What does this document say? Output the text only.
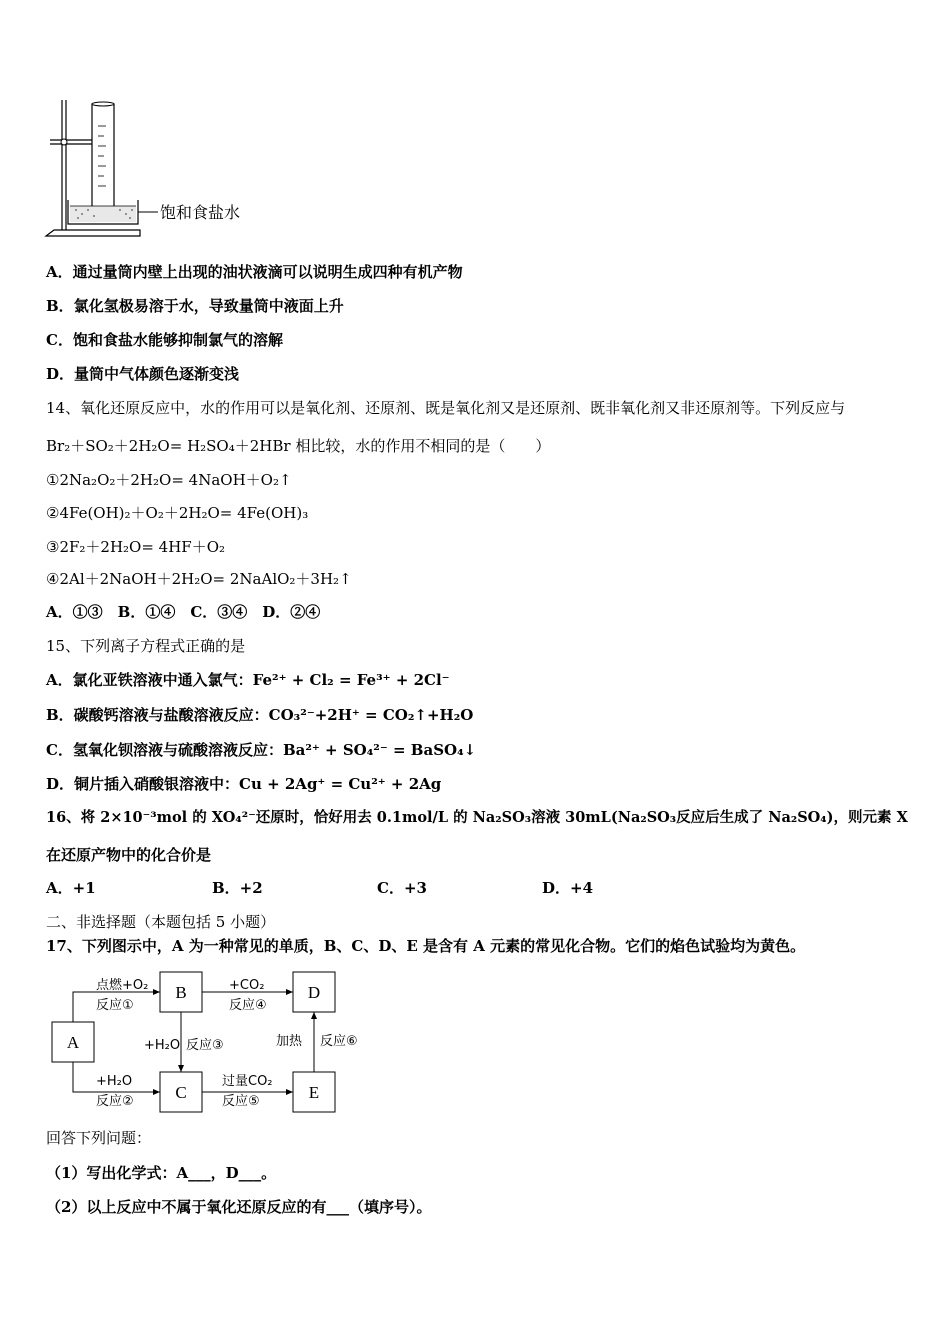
饱和食盐水
A．通过量筒内壁上出现的油状液滴可以说明生成四种有机产物
B．氯化氢极易溶于水，导致量筒中液面上升
C．饱和食盐水能够抑制氯气的溶解
D．量筒中气体颜色逐渐变浅
14、氧化还原反应中，水的作用可以是氧化剂、还原剂、既是氧化剂又是还原剂、既非氧化剂又非还原剂等。下列反应与
Br₂＋SO₂＋2H₂O= H₂SO₄＋2HBr 相比较，水的作用不相同的是（　　）
①2Na₂O₂＋2H₂O= 4NaOH＋O₂↑
②4Fe(OH)₂＋O₂＋2H₂O= 4Fe(OH)₃
③2F₂＋2H₂O= 4HF＋O₂
④2Al＋2NaOH＋2H₂O= 2NaAlO₂＋3H₂↑
A．①③　B．①④　C．③④　D．②④
15、下列离子方程式正确的是
A．氯化亚铁溶液中通入氯气：Fe²⁺ + Cl₂ = Fe³⁺ + 2Cl⁻
B．碳酸钙溶液与盐酸溶液反应：CO₃²⁻+2H⁺ = CO₂↑+H₂O
C．氢氧化钡溶液与硫酸溶液反应：Ba²⁺ + SO₄²⁻ = BaSO₄↓
D．铜片插入硝酸银溶液中：Cu + 2Ag⁺ = Cu²⁺ + 2Ag
16、将 2×10⁻³mol 的 XO₄²⁻还原时，恰好用去 0.1mol/L 的 Na₂SO₃溶液 30mL(Na₂SO₃反应后生成了 Na₂SO₄)，则元素 X
在还原产物中的化合价是
A．+1	B．+2	C．+3	D．+4
二、非选择题（本题包括 5 小题）
17、下列图示中，A 为一种常见的单质，B、C、D、E 是含有 A 元素的常见化合物。它们的焰色试验均为黄色。
A
B
C
D
E
点燃+O₂
反应①
+H₂O
反应②
+H₂O 反应③
+CO₂
反应④
过量CO₂
反应⑤
加热 反应⑥
回答下列问题：
（1）写出化学式：A___，D___。
（2）以上反应中不属于氧化还原反应的有___（填序号）。
